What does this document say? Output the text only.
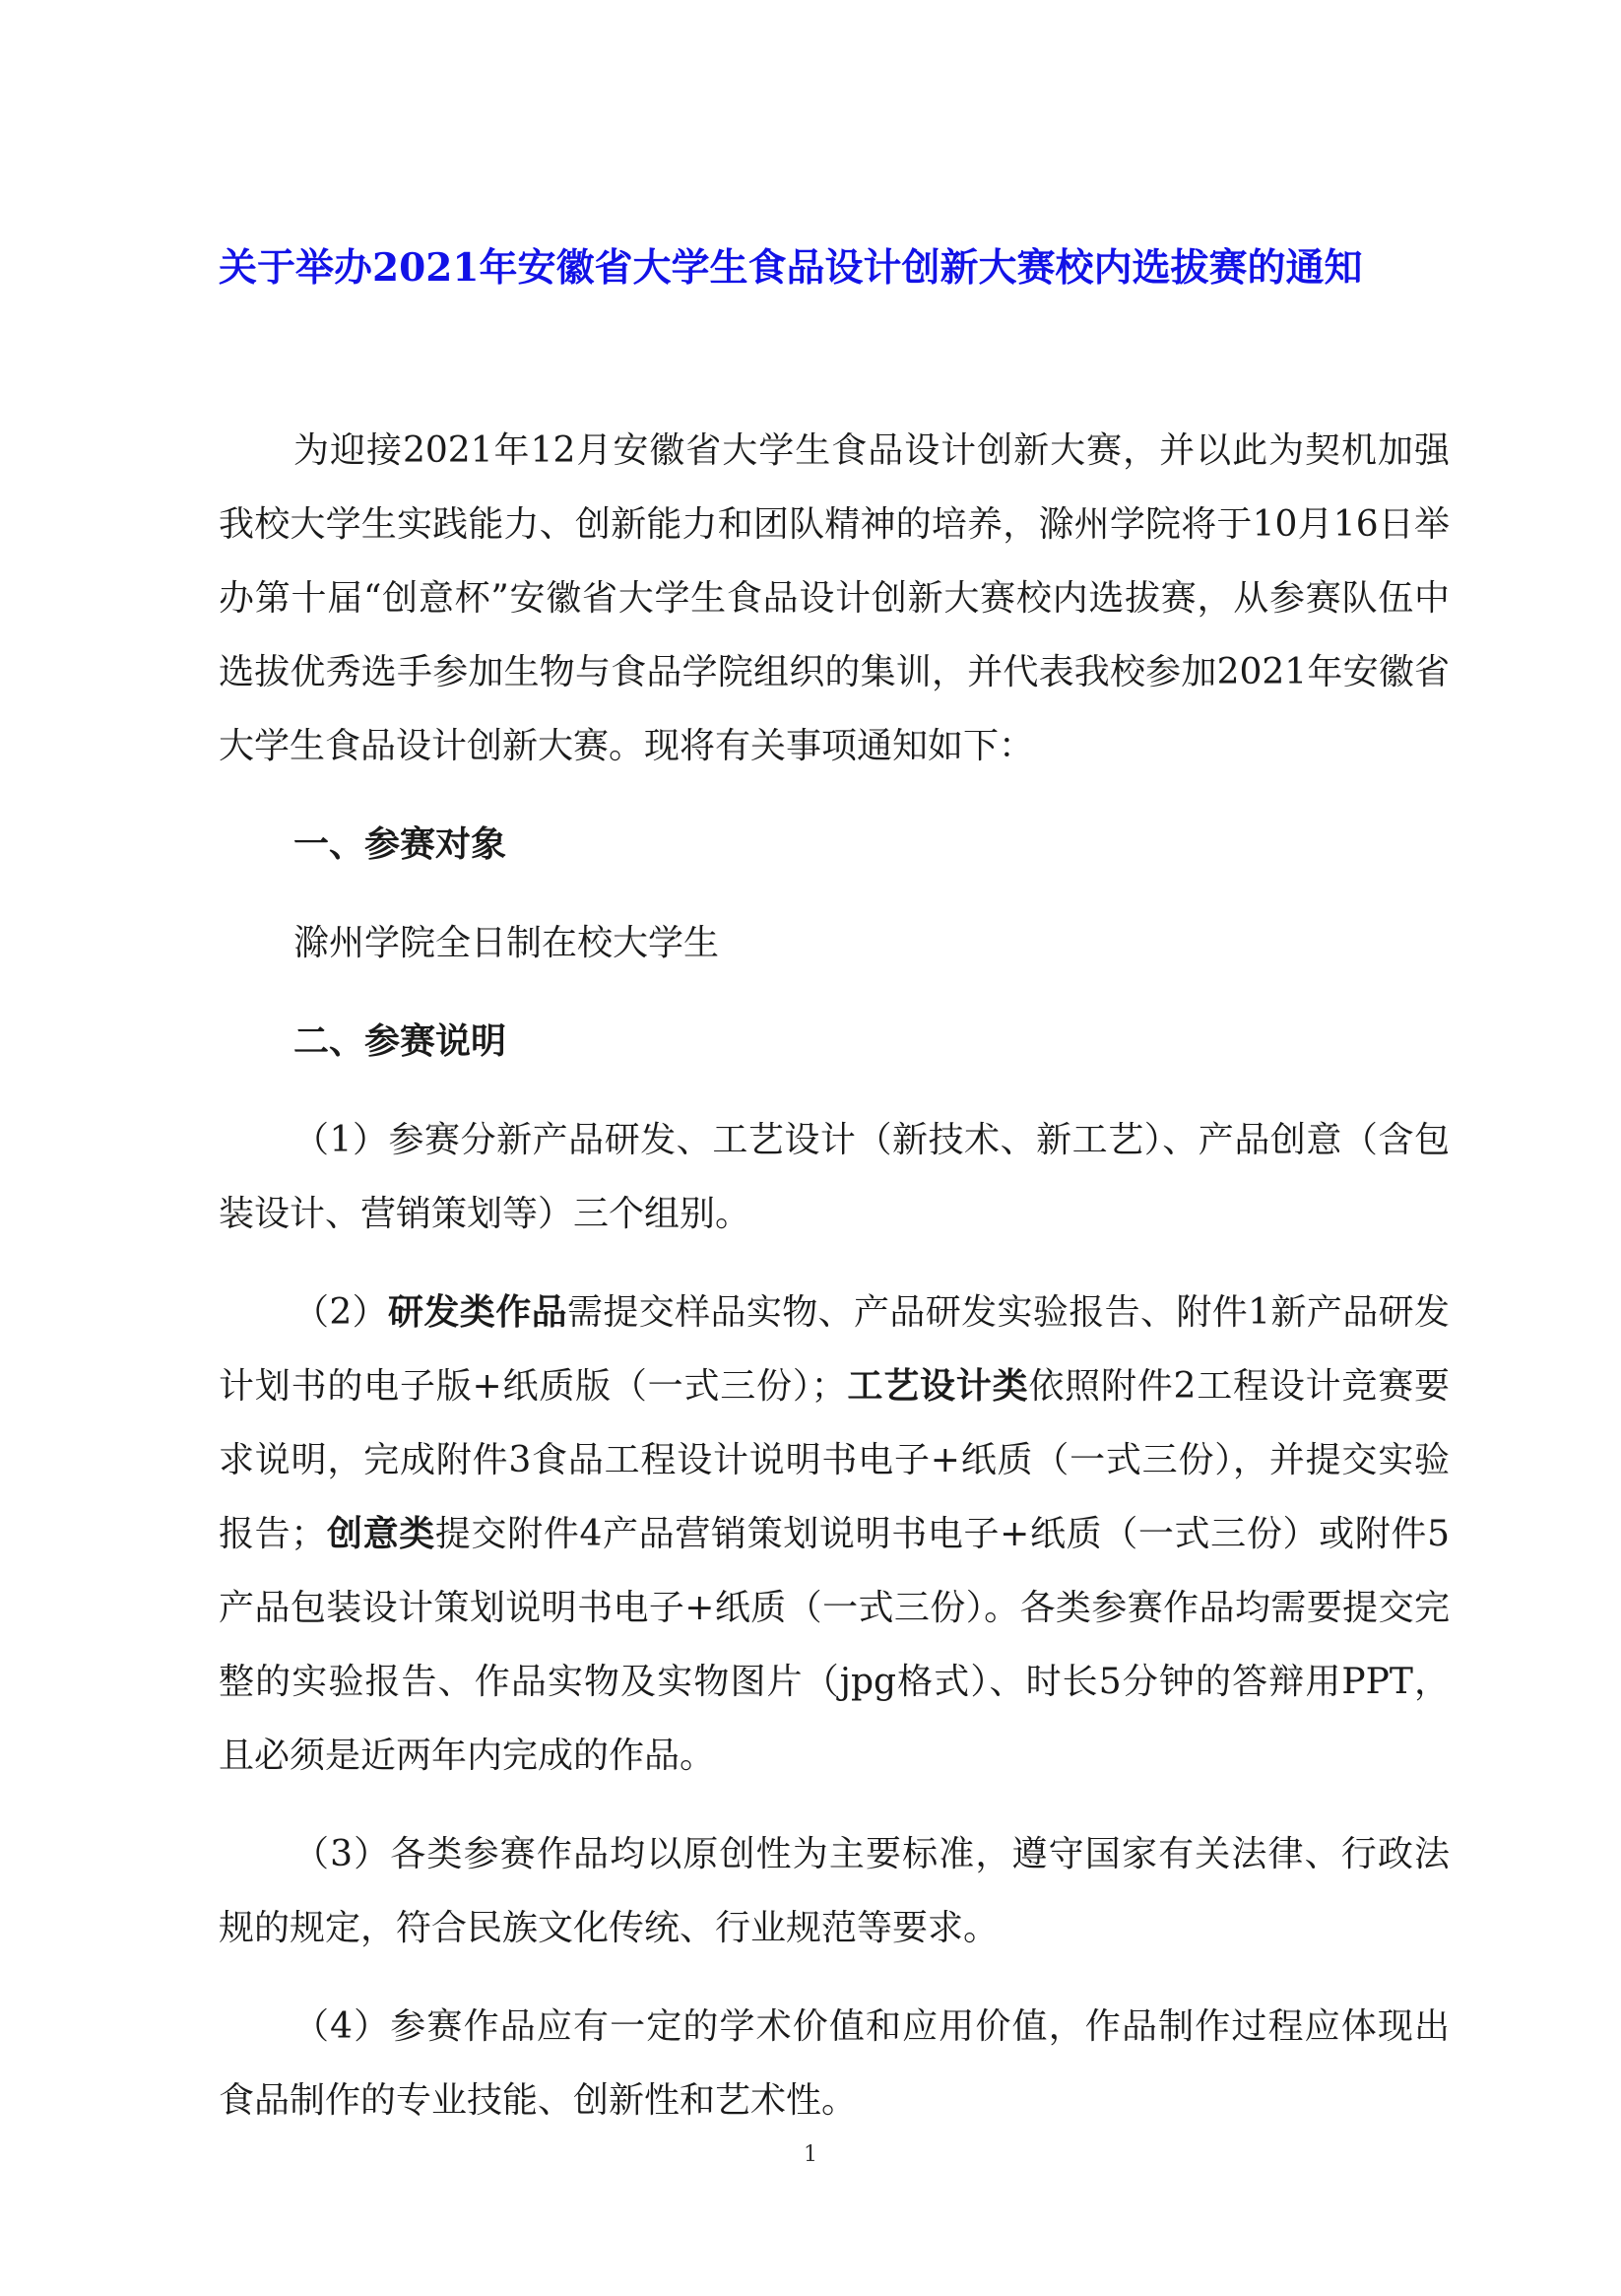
关于举办2021年安徽省大学生食品设计创新大赛校内选拔赛的通知

为迎接2021年12月安徽省大学生食品设计创新大赛，并以此为契机加强我校大学生实践能力、创新能力和团队精神的培养，滁州学院将于10月16日举办第十届“创意杯”安徽省大学生食品设计创新大赛校内选拔赛，从参赛队伍中选拔优秀选手参加生物与食品学院组织的集训，并代表我校参加2021年安徽省大学生食品设计创新大赛。现将有关事项通知如下：

一、参赛对象

滁州学院全日制在校大学生

二、参赛说明

（1）参赛分新产品研发、工艺设计（新技术、新工艺）、产品创意（含包装设计、营销策划等）三个组别。

（2）研发类作品需提交样品实物、产品研发实验报告、附件1新产品研发计划书的电子版+纸质版（一式三份）；工艺设计类依照附件2工程设计竞赛要求说明，完成附件3食品工程设计说明书电子+纸质（一式三份），并提交实验报告；创意类提交附件4产品营销策划说明书电子+纸质（一式三份）或附件5产品包装设计策划说明书电子+纸质（一式三份）。各类参赛作品均需要提交完整的实验报告、作品实物及实物图片（jpg格式）、时长5分钟的答辩用PPT，且必须是近两年内完成的作品。

（3）各类参赛作品均以原创性为主要标准，遵守国家有关法律、行政法规的规定，符合民族文化传统、行业规范等要求。

（4）参赛作品应有一定的学术价值和应用价值，作品制作过程应体现出食品制作的专业技能、创新性和艺术性。

1
